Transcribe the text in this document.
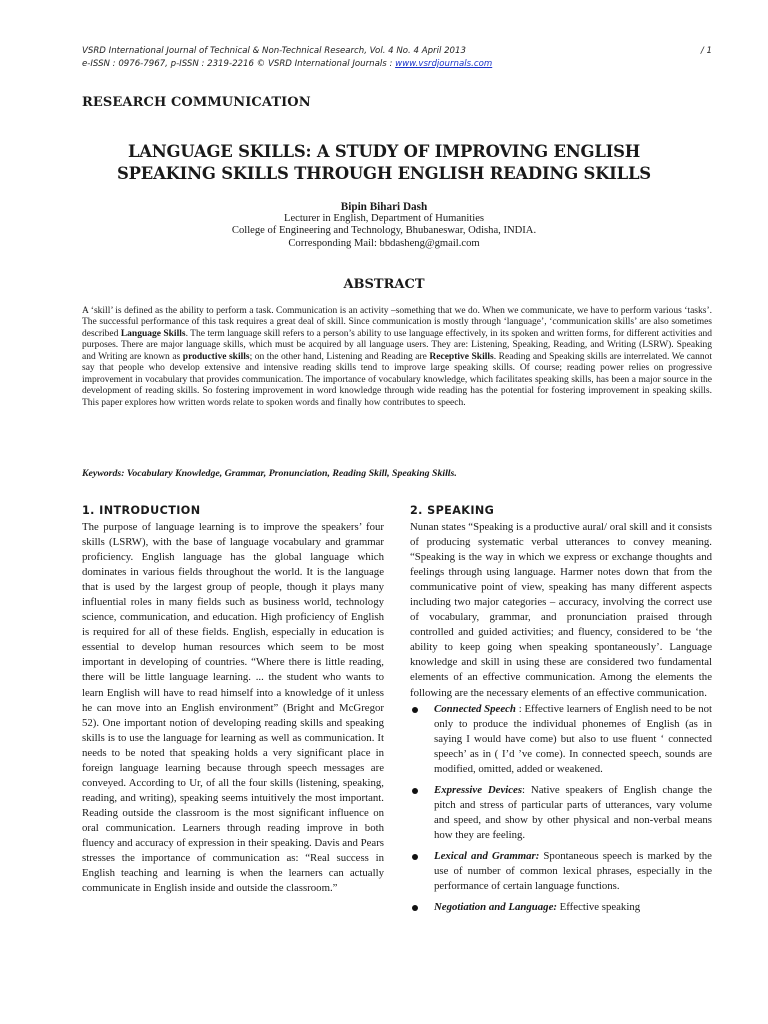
VSRD International Journal of Technical & Non-Technical Research, Vol. 4 No. 4 April 2013	/ 1
e-ISSN : 0976-7967, p-ISSN : 2319-2216 © VSRD International Journals : www.vsrdjournals.com
RESEARCH COMMUNICATION
LANGUAGE SKILLS: A STUDY OF IMPROVING ENGLISH
SPEAKING SKILLS THROUGH ENGLISH READING SKILLS
Bipin Bihari Dash
Lecturer in English, Department of Humanities
College of Engineering and Technology, Bhubaneswar, Odisha, INDIA.
Corresponding Mail: bbdasheng@gmail.com
ABSTRACT
A ‘skill’ is defined as the ability to perform a task. Communication is an activity –something that we do. When we communicate, we have to perform various ‘tasks’. The successful performance of this task requires a great deal of skill. Since communication is mostly through ‘language’, ‘communication skills’ are also sometimes described Language Skills. The term language skill refers to a person’s ability to use language effectively, in its spoken and written forms, for different activities and purposes. There are major language skills, which must be acquired by all language users. They are: Listening, Speaking, Reading, and Writing (LSRW). Speaking and Writing are known as productive skills; on the other hand, Listening and Reading are Receptive Skills. Reading and Speaking skills are interrelated. We cannot say that people who develop extensive and intensive reading skills tend to improve large speaking skills. Of course; reading power relies on progressive improvement in vocabulary that provides communication. The importance of vocabulary knowledge, which facilitates speaking skills, has been a major source in the development of reading skills. So fostering improvement in word knowledge through wide reading has the potential for fostering improvement in speaking skills. This paper explores how written words relate to spoken words and finally how contributes to speech.
Keywords: Vocabulary Knowledge, Grammar, Pronunciation, Reading Skill, Speaking Skills.
1. INTRODUCTION

The purpose of language learning is to improve the speakers’ four skills (LSRW), with the base of language vocabulary and grammar proficiency. English language has the global language which dominates in various fields throughout the world. It is the language that is used by the largest group of people, though it plays many influential roles in many fields such as business world, technology science, communication, and education. High proficiency of English is required for all of these fields. English, especially in education is essential to develop human resources which seem to be most important in developing of countries. “Where there is little reading, there will be little language learning. ... the student who wants to learn English will have to read himself into a knowledge of it unless he can move into an English environment” (Bright and McGregor 52). One important notion of developing reading skills and speaking skills is to use the language for learning as well as communication. It needs to be noted that speaking holds a very significant place in foreign language learning because through speech messages are conveyed. According to Ur, of all the four skills (listening, speaking, reading, and writing), speaking seems intuitively the most important. Reading outside the classroom is the most significant influence on oral communication. Learners through reading improve in both fluency and accuracy of expression in their speaking. Davis and Pears stresses the importance of communication as: “Real success in English teaching and learning is when the learners can actually communicate in English inside and outside the classroom.”

2. SPEAKING

Nunan states “Speaking is a productive aural/ oral skill and it consists of producing systematic verbal utterances to convey meaning. “Speaking is the way in which we express or exchange thoughts and feelings through using language. Harmer notes down that from the communicative point of view, speaking has many different aspects including two major categories – accuracy, involving the correct use of vocabulary, grammar, and pronunciation praised through controlled and guided activities; and fluency, considered to be ‘the ability to keep going when speaking spontaneously’. Language knowledge and skill in using these are considered two fundamental elements of an effective communication. Among the elements the following are the necessary elements of an effective communication.

Connected Speech : Effective learners of English need to be not only to produce the individual phonemes of English (as in saying I would have come) but also to use fluent ‘ connected speech’ as in ( I’d ’ve come). In connected speech, sounds are modified, omitted, added or weakened.
Expressive Devices: Native speakers of English change the pitch and stress of particular parts of utterances, vary volume and speed, and show by other physical and non-verbal means how they are feeling.
Lexical and Grammar: Spontaneous speech is marked by the use of number of common lexical phrases, especially in the performance of certain language functions.
Negotiation and Language: Effective speaking
